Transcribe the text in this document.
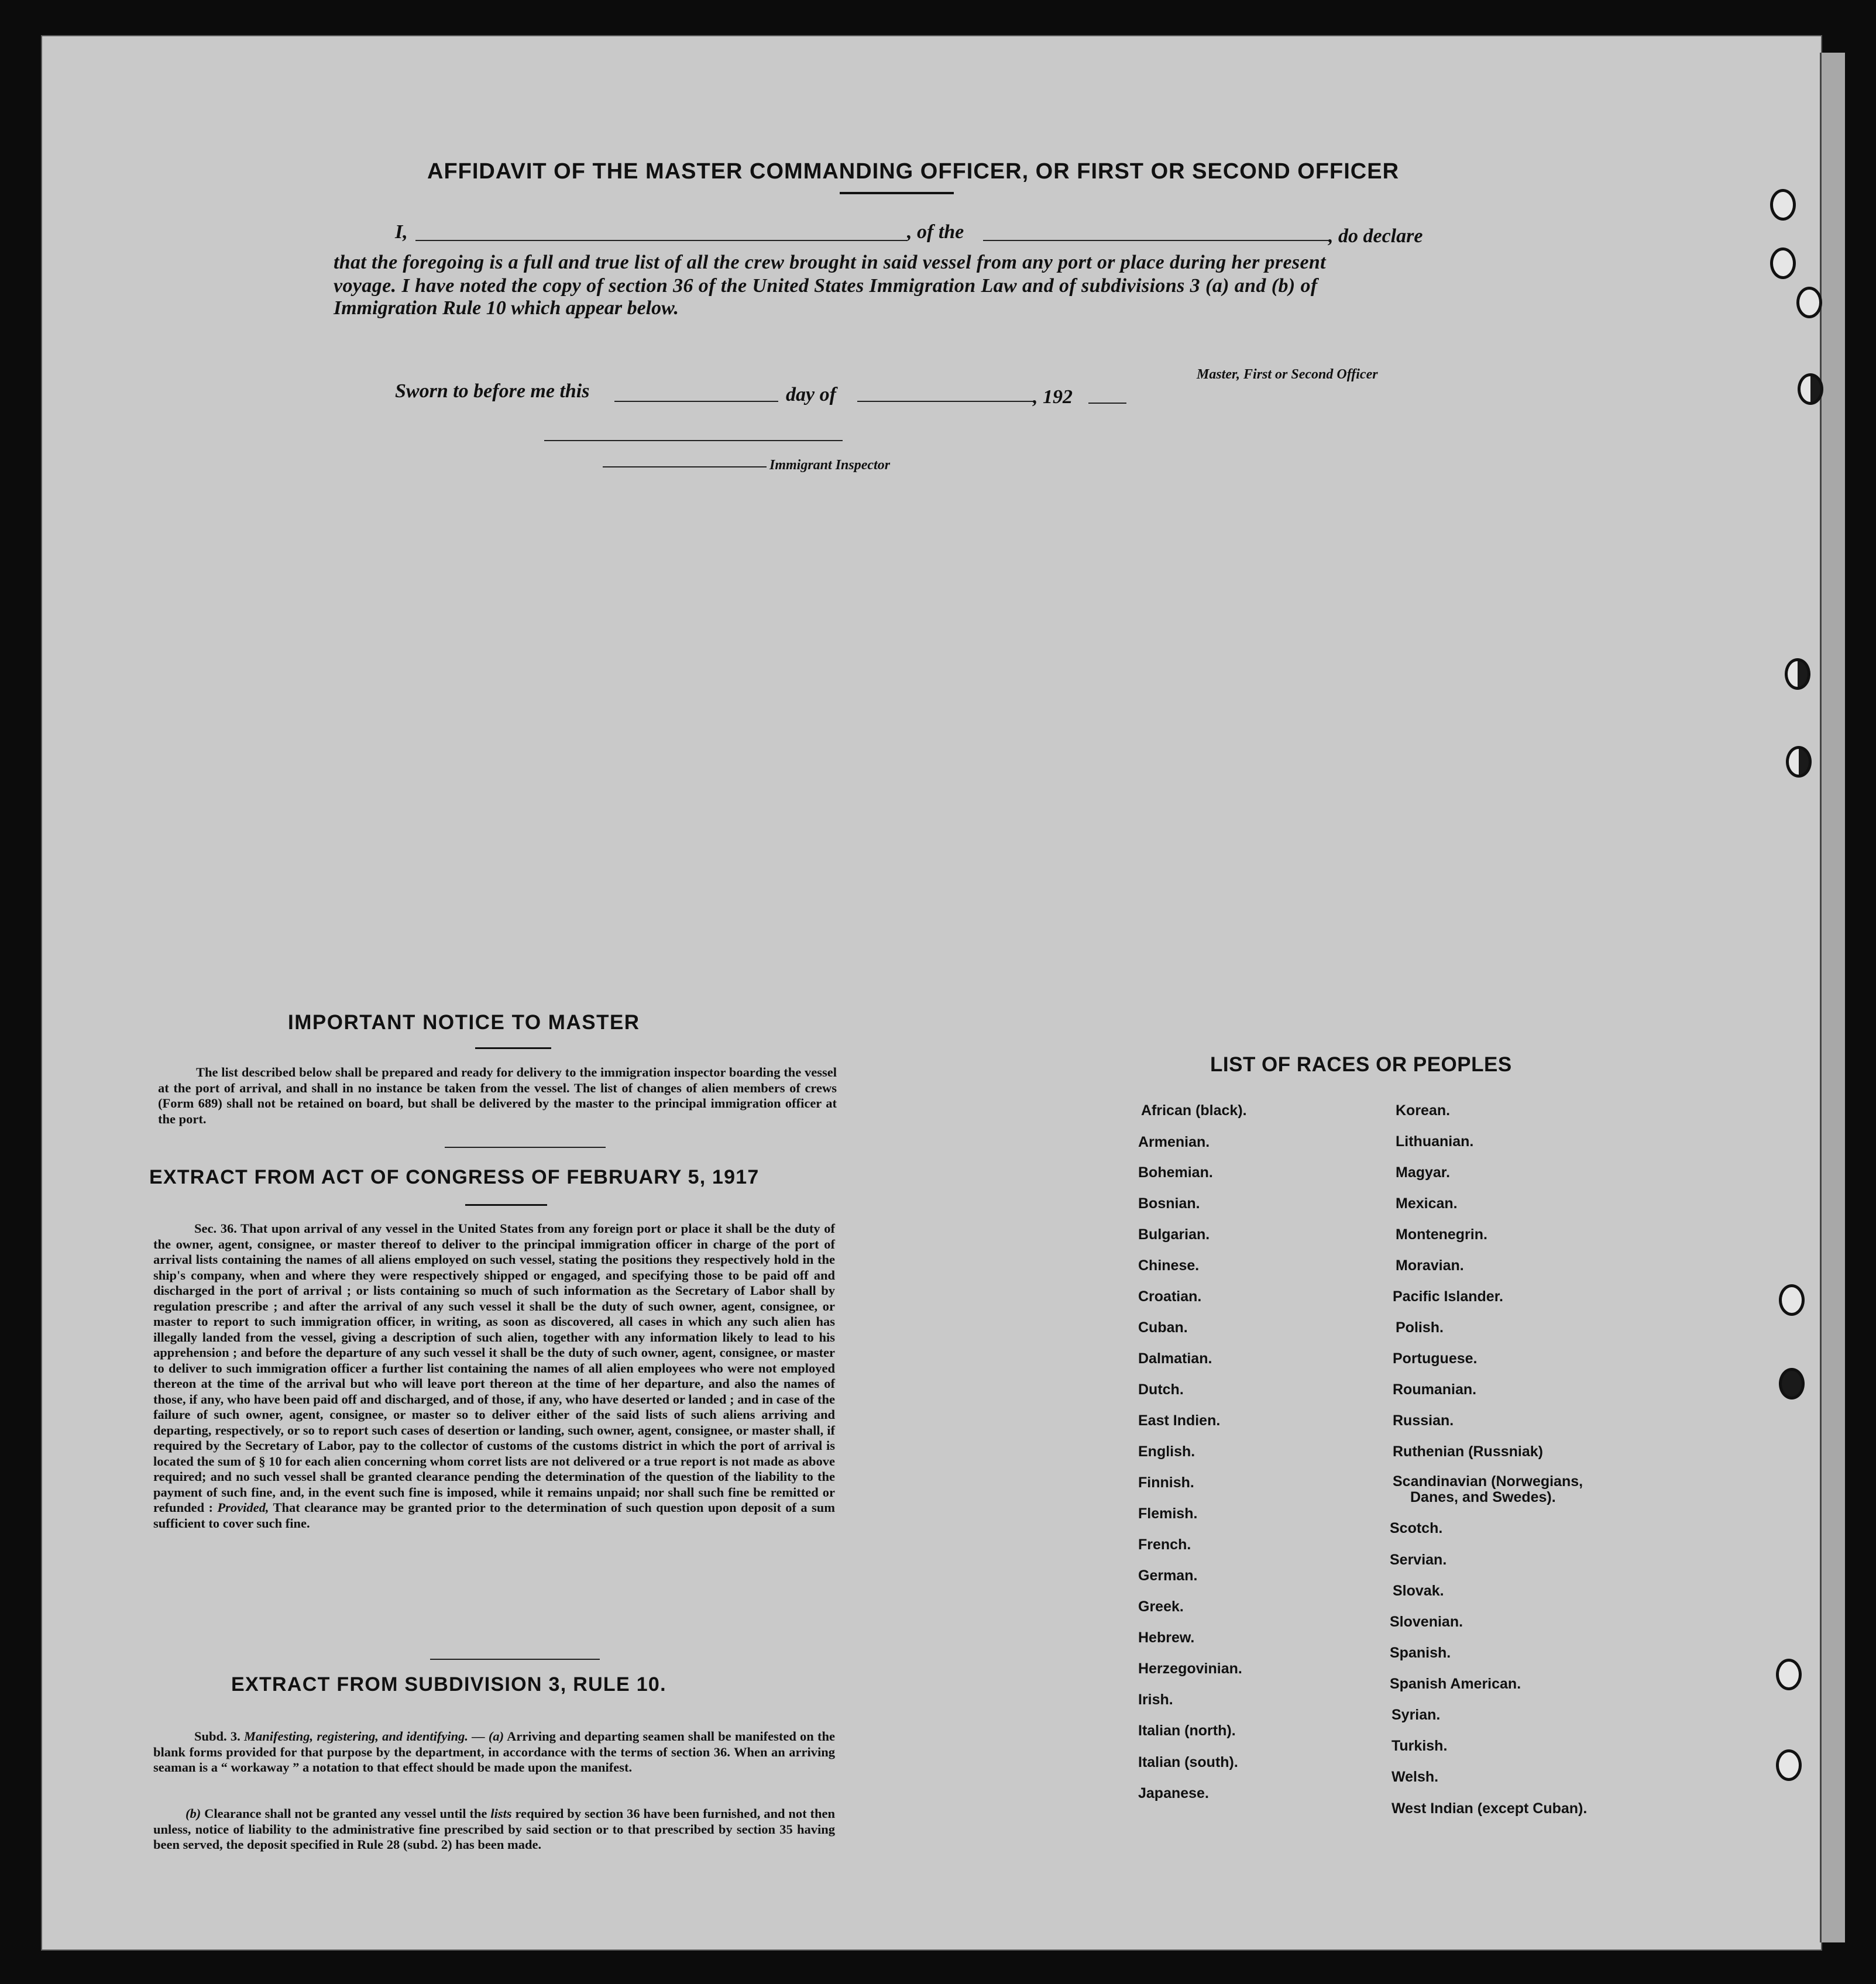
AFFIDAVIT OF THE MASTER COMMANDING OFFICER, OR FIRST OR SECOND OFFICER
I,	, of the	, do declare
that the foregoing is a full and true list of all the crew brought in said vessel from any port or place during her present
voyage. I have noted the copy of section 36 of the United States Immigration Law and of subdivisions 3 (a) and (b) of
Immigration Rule 10 which appear below.
Master, First or Second Officer
Sworn to before me this	day of	, 192
Immigrant Inspector
IMPORTANT NOTICE TO MASTER
The list described below shall be prepared and ready for delivery to the immigration inspector boarding the vessel at the port of arrival, and shall in no instance be taken from the vessel. The list of changes of alien members of crews (Form 689) shall not be retained on board, but shall be delivered by the master to the principal immigration officer at the port.
EXTRACT FROM ACT OF CONGRESS OF FEBRUARY 5, 1917
Sec. 36. That upon arrival of any vessel in the United States from any foreign port or place it shall be the duty of the owner, agent, consignee, or master thereof to deliver to the principal immigration officer in charge of the port of arrival lists containing the names of all aliens employed on such vessel, stating the positions they respectively hold in the ship's company, when and where they were respectively shipped or engaged, and specifying those to be paid off and discharged in the port of arrival ; or lists containing so much of such information as the Secretary of Labor shall by regulation prescribe ; and after the arrival of any such vessel it shall be the duty of such owner, agent, consignee, or master to report to such immigration officer, in writing, as soon as discovered, all cases in which any such alien has illegally landed from the vessel, giving a description of such alien, together with any information likely to lead to his apprehension ; and before the departure of any such vessel it shall be the duty of such owner, agent, consignee, or master to deliver to such immigration officer a further list containing the names of all alien employees who were not employed thereon at the time of the arrival but who will leave port thereon at the time of her departure, and also the names of those, if any, who have been paid off and discharged, and of those, if any, who have deserted or landed ; and in case of the failure of such owner, agent, consignee, or master so to deliver either of the said lists of such aliens arriving and departing, respectively, or so to report such cases of desertion or landing, such owner, agent, consignee, or master shall, if required by the Secretary of Labor, pay to the collector of customs of the customs district in which the port of arrival is located the sum of § 10 for each alien concerning whom corret lists are not delivered or a true report is not made as above required; and no such vessel shall be granted clearance pending the determination of the question of the liability to the payment of such fine, and, in the event such fine is imposed, while it remains unpaid; nor shall such fine be remitted or refunded : Provided, That clearance may be granted prior to the determination of such question upon deposit of a sum sufficient to cover such fine.
EXTRACT FROM SUBDIVISION 3, RULE 10.
Subd. 3. Manifesting, registering, and identifying. — (a) Arriving and departing seamen shall be manifested on the blank forms provided for that purpose by the department, in accordance with the terms of section 36. When an arriving seaman is a “ workaway ” a notation to that effect should be made upon the manifest.
(b) Clearance shall not be granted any vessel until the lists required by section 36 have been furnished, and not then unless, notice of liability to the administrative fine prescribed by said section or to that prescribed by section 35 having been served, the deposit specified in Rule 28 (subd. 2) has been made.
LIST OF RACES OR PEOPLES
African (black).
Armenian.
Bohemian.
Bosnian.
Bulgarian.
Chinese.
Croatian.
Cuban.
Dalmatian.
Dutch.
East Indien.
English.
Finnish.
Flemish.
French.
German.
Greek.
Hebrew.
Herzegovinian.
Irish.
Italian (north).
Italian (south).
Japanese.
Korean.
Lithuanian.
Magyar.
Mexican.
Montenegrin.
Moravian.
Pacific Islander.
Polish.
Portuguese.
Roumanian.
Russian.
Ruthenian (Russniak)
Scandinavian (Norwegians,
Danes, and Swedes).
Scotch.
Servian.
Slovak.
Slovenian.
Spanish.
Spanish American.
Syrian.
Turkish.
Welsh.
West Indian (except Cuban).
